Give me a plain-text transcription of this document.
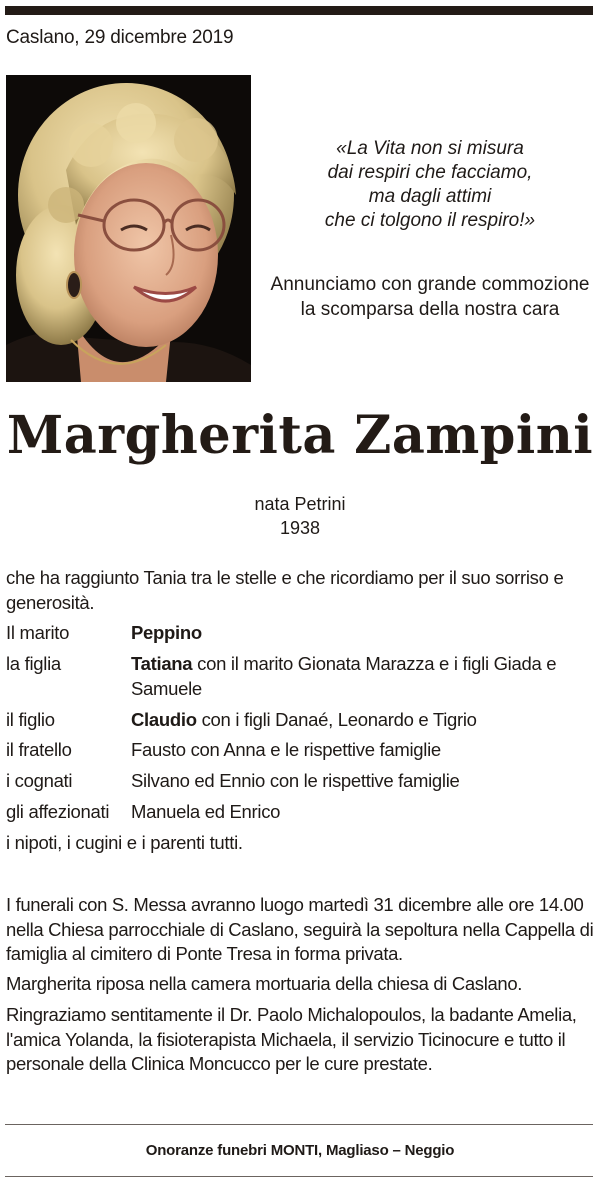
Caslano, 29 dicembre 2019
«La Vita non si misura
dai respiri che facciamo,
ma dagli attimi
che ci tolgono il respiro!»
Annunciamo con grande commozione
la scomparsa della nostra cara
Margherita Zampini
nata Petrini
1938
che ha raggiunto Tania tra le stelle e che ricordiamo per il suo sorriso e generosità.
Il marito	Peppino
la figlia	Tatiana con il marito Gionata Marazza e i figli Giada e Samuele
il figlio	Claudio con i figli Danaé, Leonardo e Tigrio
il fratello	Fausto con Anna e le rispettive famiglie
i cognati	Silvano ed Ennio con le rispettive famiglie
gli affezionati	Manuela ed Enrico
i nipoti, i cugini e i parenti tutti.
I funerali con S. Messa avranno luogo martedì 31 dicembre alle ore 14.00 nella Chiesa parrocchiale di Caslano, seguirà la sepoltura nella Cappella di famiglia al cimitero di Ponte Tresa in forma privata.
Margherita riposa nella camera mortuaria della chiesa di Caslano.
Ringraziamo sentitamente il Dr. Paolo Michalopoulos, la badante Amelia, l'amica Yolanda, la fisioterapista Michaela, il servizio Ticinocure e tutto il personale della Clinica Moncucco per le cure prestate.
Onoranze funebri MONTI, Magliaso – Neggio
